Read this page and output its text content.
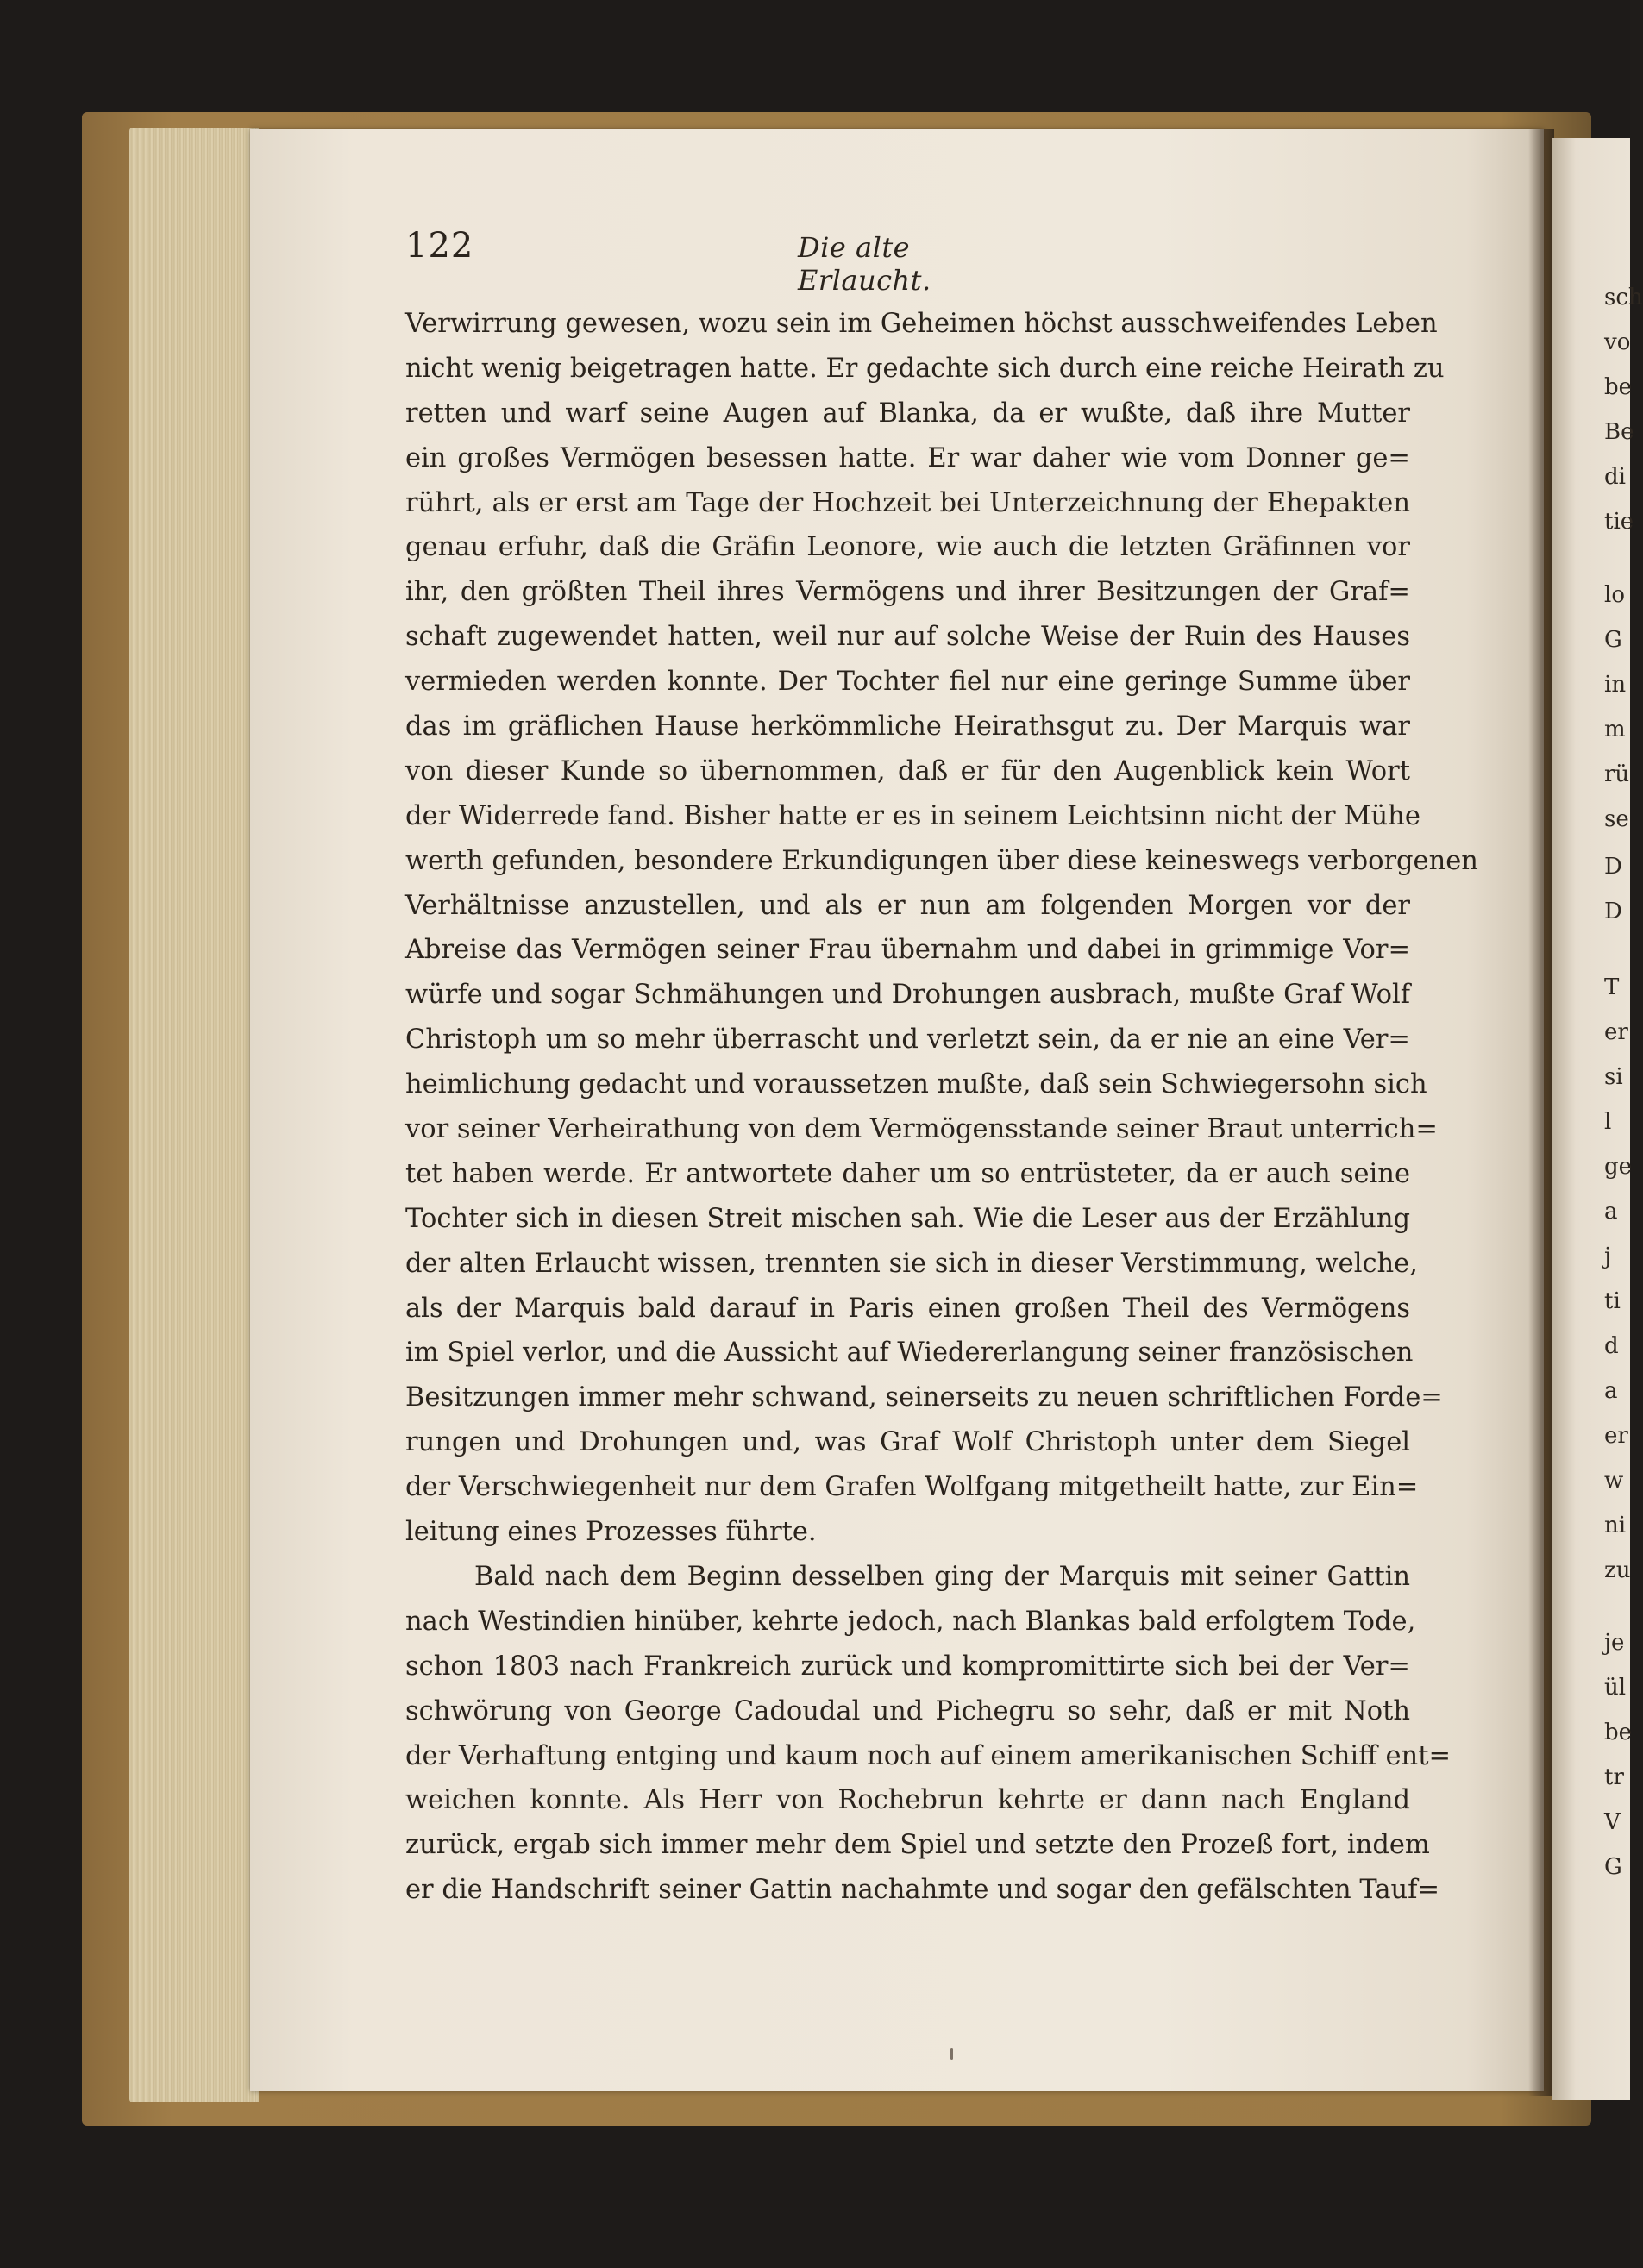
122	Die alte Erlaucht.
Verwirrung gewesen, wozu sein im Geheimen höchst ausschweifendes Leben
nicht wenig beigetragen hatte. Er gedachte sich durch eine reiche Heirath zu
retten und warf seine Augen auf Blanka, da er wußte, daß ihre Mutter
ein großes Vermögen besessen hatte. Er war daher wie vom Donner ge=
rührt, als er erst am Tage der Hochzeit bei Unterzeichnung der Ehepakten
genau erfuhr, daß die Gräfin Leonore, wie auch die letzten Gräfinnen vor
ihr, den größten Theil ihres Vermögens und ihrer Besitzungen der Graf=
schaft zugewendet hatten, weil nur auf solche Weise der Ruin des Hauses
vermieden werden konnte. Der Tochter fiel nur eine geringe Summe über
das im gräflichen Hause herkömmliche Heirathsgut zu. Der Marquis war
von dieser Kunde so übernommen, daß er für den Augenblick kein Wort
der Widerrede fand. Bisher hatte er es in seinem Leichtsinn nicht der Mühe
werth gefunden, besondere Erkundigungen über diese keineswegs verborgenen
Verhältnisse anzustellen, und als er nun am folgenden Morgen vor der
Abreise das Vermögen seiner Frau übernahm und dabei in grimmige Vor=
würfe und sogar Schmähungen und Drohungen ausbrach, mußte Graf Wolf
Christoph um so mehr überrascht und verletzt sein, da er nie an eine Ver=
heimlichung gedacht und voraussetzen mußte, daß sein Schwiegersohn sich
vor seiner Verheirathung von dem Vermögensstande seiner Braut unterrich=
tet haben werde. Er antwortete daher um so entrüsteter, da er auch seine
Tochter sich in diesen Streit mischen sah. Wie die Leser aus der Erzählung
der alten Erlaucht wissen, trennten sie sich in dieser Verstimmung, welche,
als der Marquis bald darauf in Paris einen großen Theil des Vermögens
im Spiel verlor, und die Aussicht auf Wiedererlangung seiner französischen
Besitzungen immer mehr schwand, seinerseits zu neuen schriftlichen Forde=
rungen und Drohungen und, was Graf Wolf Christoph unter dem Siegel
der Verschwiegenheit nur dem Grafen Wolfgang mitgetheilt hatte, zur Ein=
leitung eines Prozesses führte.
Bald nach dem Beginn desselben ging der Marquis mit seiner Gattin
nach Westindien hinüber, kehrte jedoch, nach Blankas bald erfolgtem Tode,
schon 1803 nach Frankreich zurück und kompromittirte sich bei der Ver=
schwörung von George Cadoudal und Pichegru so sehr, daß er mit Noth
der Verhaftung entging und kaum noch auf einem amerikanischen Schiff ent=
weichen konnte. Als Herr von Rochebrun kehrte er dann nach England
zurück, ergab sich immer mehr dem Spiel und setzte den Prozeß fort, indem
er die Handschrift seiner Gattin nachahmte und sogar den gefälschten Tauf=
sch
vo
be
Be
di
tie
lo
G
in
m
rü
se
D
D
T
er
si
l
ge
a
j
ti
d
a
er
w
ni
zu
je
ül
be
tr
V
G
